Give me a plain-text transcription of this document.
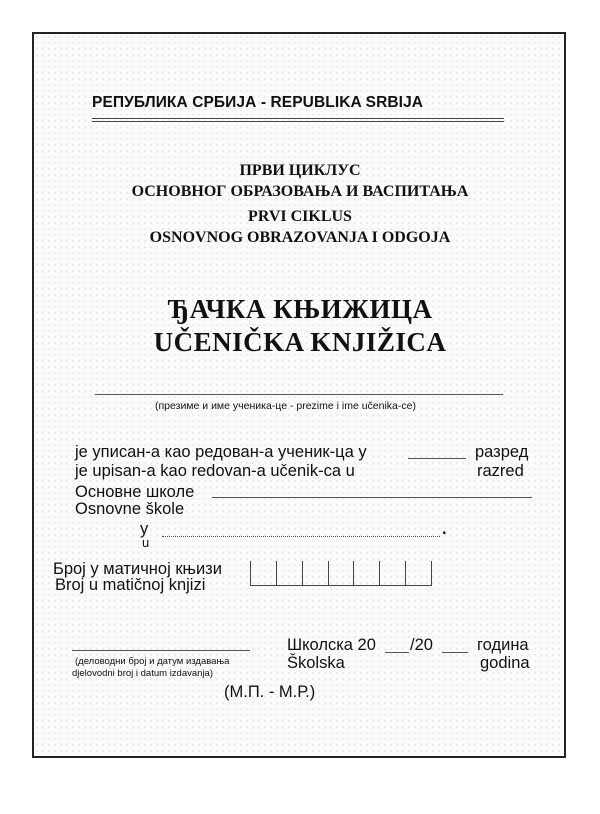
РЕПУБЛИКА СРБИЈА - REPUBLIKA SRBIJA
ПРВИ ЦИКЛУС
ОСНОВНОГ ОБРАЗОВАЊА И ВАСПИТАЊА
PRVI CIKLUS
OSNOVNOG OBRAZOVANJA I ODGOJA
ЂАЧКА КЊИЖИЦА
UČENIČKA KNJIŽICA
(презиме и име ученика-це - prezime i ime učenika-ce)
је уписан-а као редован-а ученик-ца у	разред
je upisan-a kao redovan-a učenik-ca u	razred
Основне школе
Osnovne škole
у
u
.
Број у матичној књизи
Broj u matičnoj knjizi
(деловодни број и датум издавања
djelovodni broj i datum izdavanja)
Школска 20 /20	година
Školska	godina
(М.П. - М.Р.)
